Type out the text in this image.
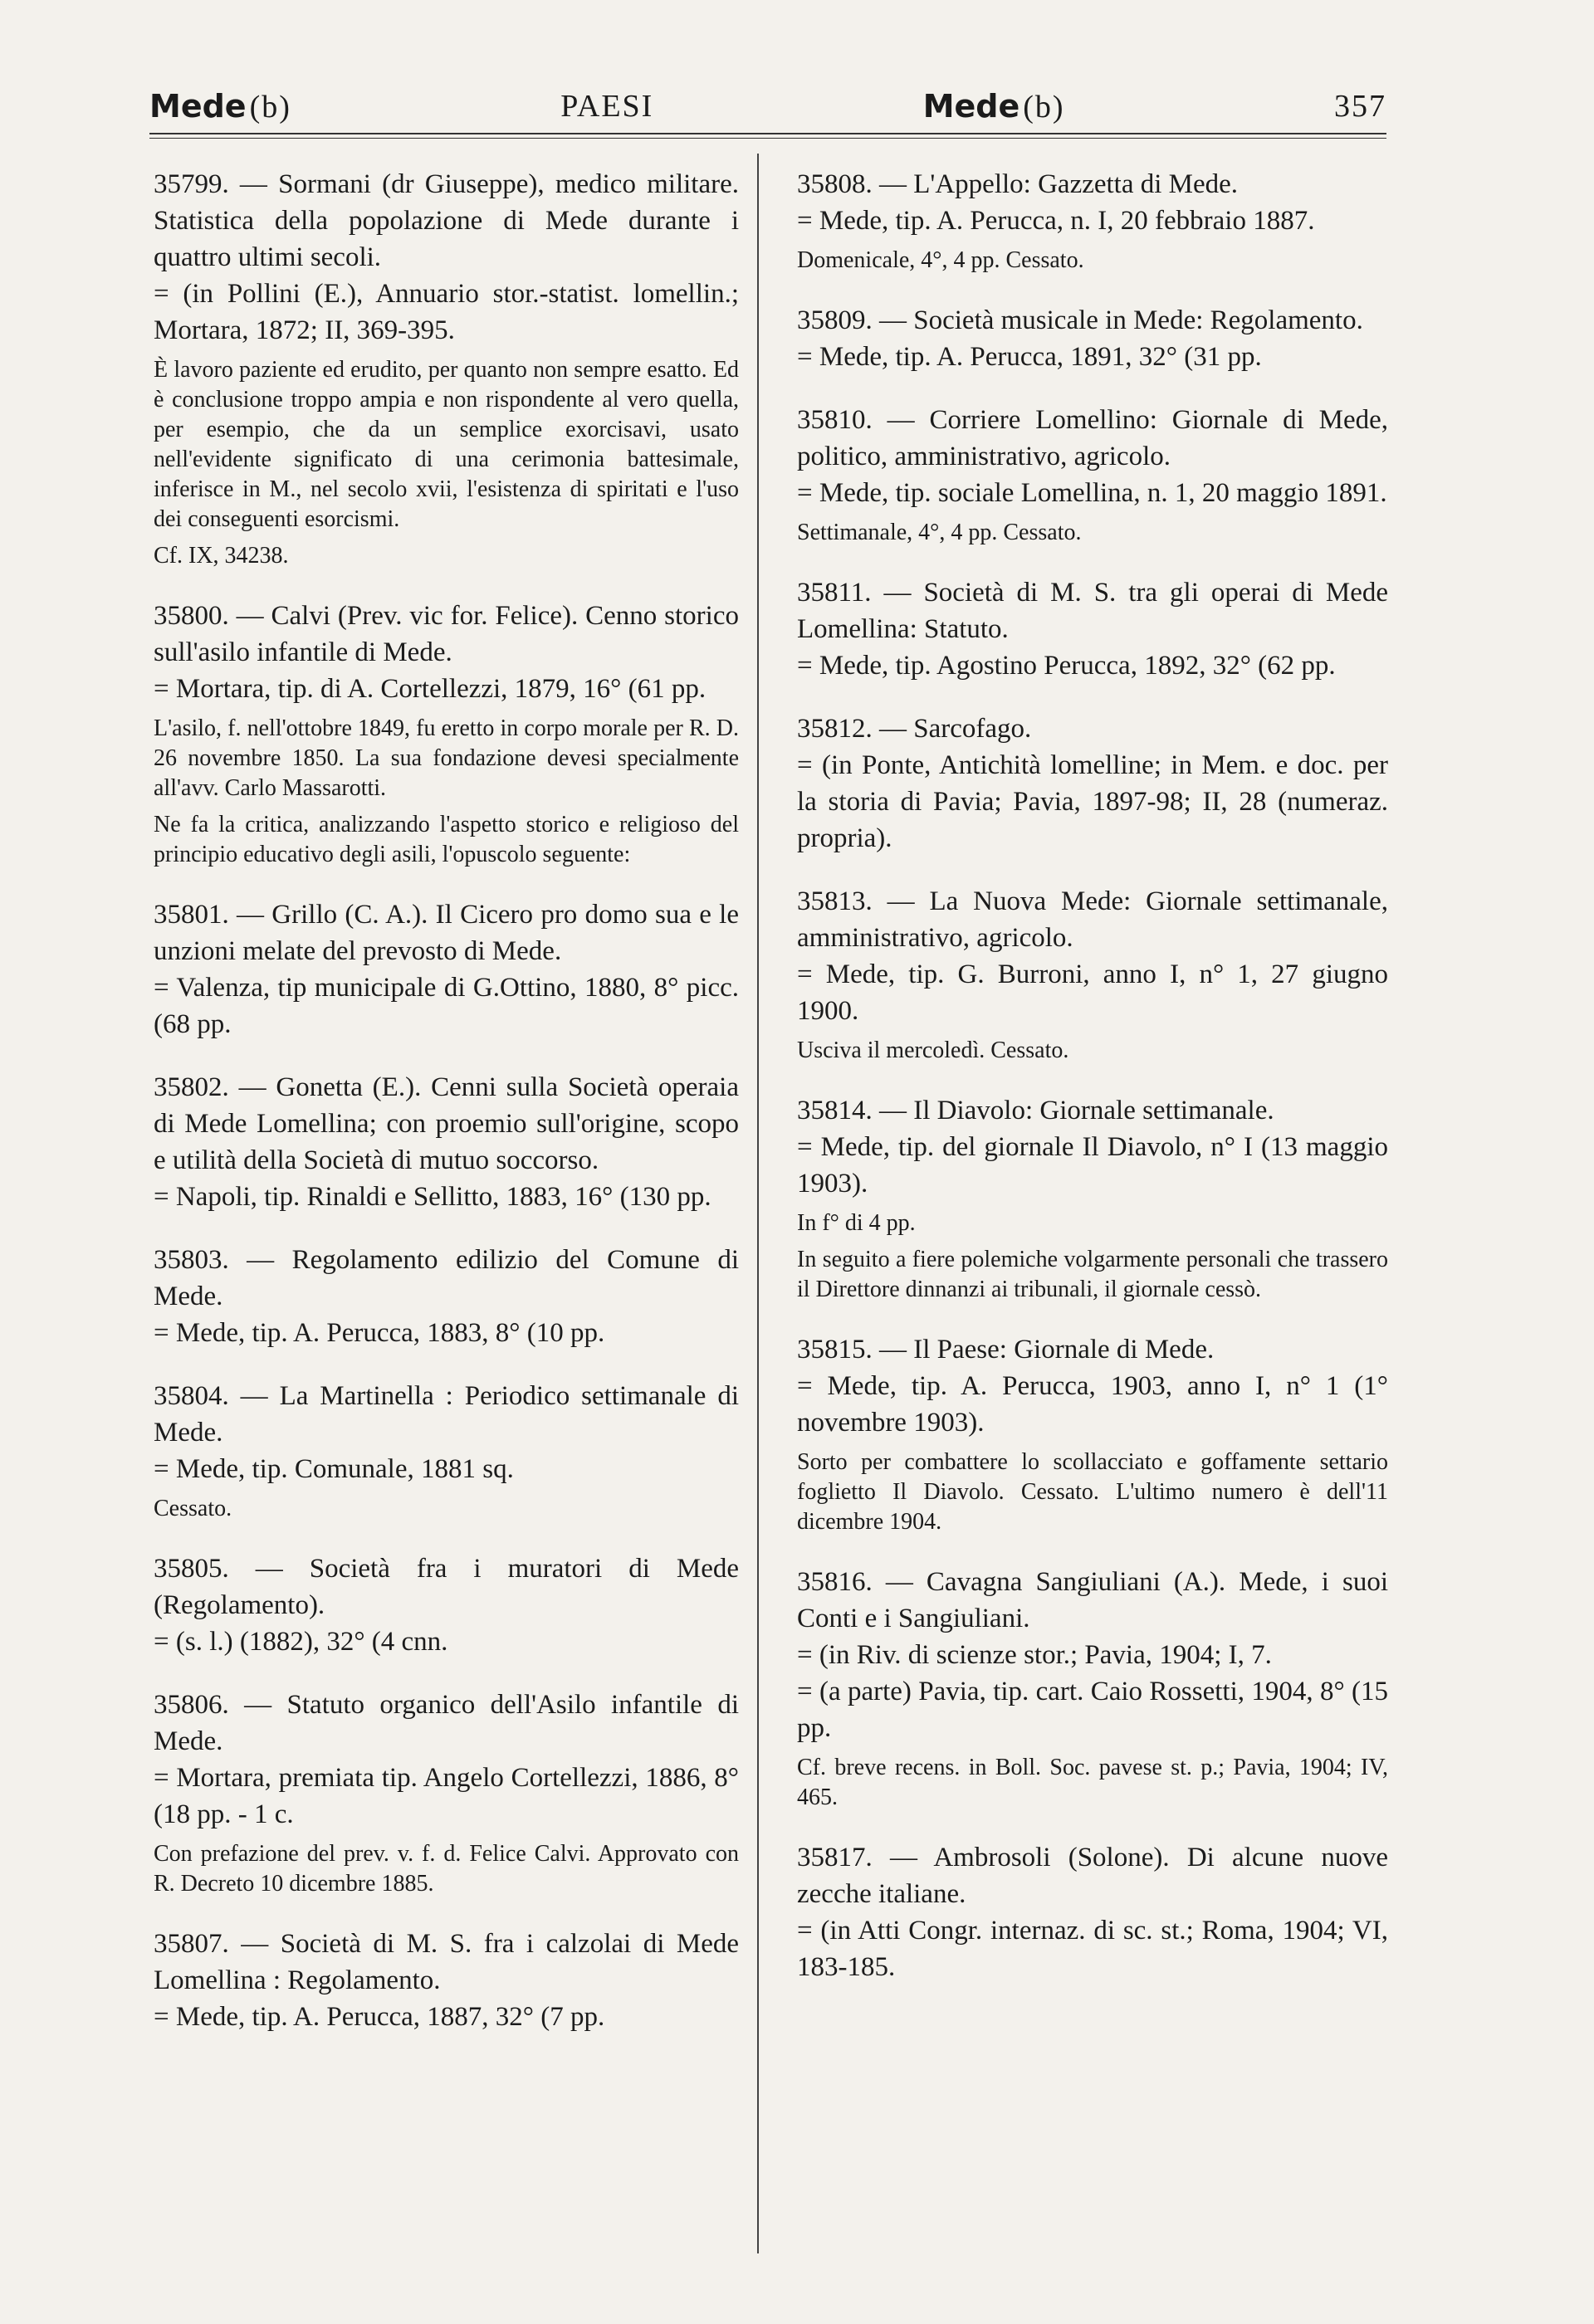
Mede (b)	PAESI	Mede (b)	357
35799. — Sormani (dr Giuseppe), medico militare. Statistica della popolazione di Mede durante i quattro ultimi secoli.
= (in Pollini (E.), Annuario stor.-statist. lomellin.; Mortara, 1872; II, 369-395.
È lavoro paziente ed erudito, per quanto non sempre esatto. Ed è conclusione troppo ampia e non rispondente al vero quella, per esempio, che da un semplice exorcisavi, usato nell'evidente significato di una cerimonia battesimale, inferisce in M., nel secolo xvii, l'esistenza di spiritati e l'uso dei conseguenti esorcismi.
Cf. IX, 34238.
35800. — Calvi (Prev. vic for. Felice). Cenno storico sull'asilo infantile di Mede.
= Mortara, tip. di A. Cortellezzi, 1879, 16° (61 pp.
L'asilo, f. nell'ottobre 1849, fu eretto in corpo morale per R. D. 26 novembre 1850. La sua fondazione devesi specialmente all'avv. Carlo Massarotti.
Ne fa la critica, analizzando l'aspetto storico e religioso del principio educativo degli asili, l'opuscolo seguente:
35801. — Grillo (C. A.). Il Cicero pro domo sua e le unzioni melate del prevosto di Mede.
= Valenza, tip municipale di G.Ottino, 1880, 8° picc. (68 pp.
35802. — Gonetta (E.). Cenni sulla Società operaia di Mede Lomellina; con proemio sull'origine, scopo e utilità della Società di mutuo soccorso.
= Napoli, tip. Rinaldi e Sellitto, 1883, 16° (130 pp.
35803. — Regolamento edilizio del Comune di Mede.
= Mede, tip. A. Perucca, 1883, 8° (10 pp.
35804. — La Martinella : Periodico settimanale di Mede.
= Mede, tip. Comunale, 1881 sq.
Cessato.
35805. — Società fra i muratori di Mede (Regolamento).
= (s. l.) (1882), 32° (4 cnn.
35806. — Statuto organico dell'Asilo infantile di Mede.
= Mortara, premiata tip. Angelo Cortellezzi, 1886, 8° (18 pp. - 1 c.
Con prefazione del prev. v. f. d. Felice Calvi. Approvato con R. Decreto 10 dicembre 1885.
35807. — Società di M. S. fra i calzolai di Mede Lomellina : Regolamento.
= Mede, tip. A. Perucca, 1887, 32° (7 pp.
35808. — L'Appello: Gazzetta di Mede.
= Mede, tip. A. Perucca, n. I, 20 febbraio 1887.
Domenicale, 4°, 4 pp. Cessato.
35809. — Società musicale in Mede: Regolamento.
= Mede, tip. A. Perucca, 1891, 32° (31 pp.
35810. — Corriere Lomellino: Giornale di Mede, politico, amministrativo, agricolo.
= Mede, tip. sociale Lomellina, n. 1, 20 maggio 1891.
Settimanale, 4°, 4 pp. Cessato.
35811. — Società di M. S. tra gli operai di Mede Lomellina: Statuto.
= Mede, tip. Agostino Perucca, 1892, 32° (62 pp.
35812. — Sarcofago.
= (in Ponte, Antichità lomelline; in Mem. e doc. per la storia di Pavia; Pavia, 1897-98; II, 28 (numeraz. propria).
35813. — La Nuova Mede: Giornale settimanale, amministrativo, agricolo.
= Mede, tip. G. Burroni, anno I, n° 1, 27 giugno 1900.
Usciva il mercoledì. Cessato.
35814. — Il Diavolo: Giornale settimanale.
= Mede, tip. del giornale Il Diavolo, n° I (13 maggio 1903).
In f° di 4 pp.
In seguito a fiere polemiche volgarmente personali che trassero il Direttore dinnanzi ai tribunali, il giornale cessò.
35815. — Il Paese: Giornale di Mede.
= Mede, tip. A. Perucca, 1903, anno I, n° 1 (1° novembre 1903).
Sorto per combattere lo scollacciato e goffamente settario foglietto Il Diavolo. Cessato. L'ultimo numero è dell'11 dicembre 1904.
35816. — Cavagna Sangiuliani (A.). Mede, i suoi Conti e i Sangiuliani.
= (in Riv. di scienze stor.; Pavia, 1904; I, 7.
= (a parte) Pavia, tip. cart. Caio Rossetti, 1904, 8° (15 pp.
Cf. breve recens. in Boll. Soc. pavese st. p.; Pavia, 1904; IV, 465.
35817. — Ambrosoli (Solone). Di alcune nuove zecche italiane.
= (in Atti Congr. internaz. di sc. st.; Roma, 1904; VI, 183-185.
